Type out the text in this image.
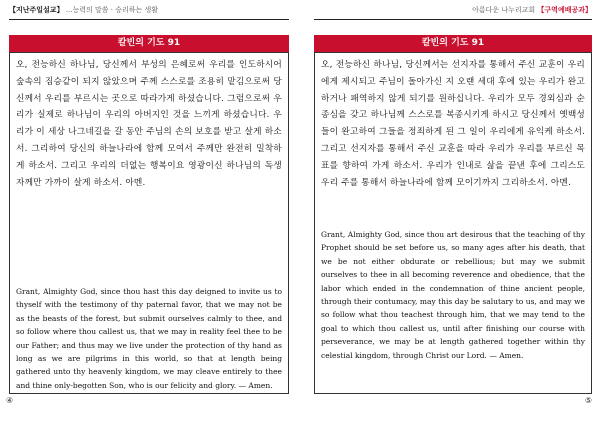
【지난주일설교】 ...능력의 말씀 · 승리하는 생활
칼빈의 기도 91

오, 전능하신 하나님, 당신께서 부성의 은혜로써 우리를 인도하시어 숲속의 짐승같이 되지 않았으며 주께 스스로를 조용히 맡김으로써 당신께서 우리를 부르시는 곳으로 따라가게 하셨습니다. 그럼으로써 우리가 실제로 하나님이 우리의 아버지인 것을 느끼게 하셨습니다. 우리가 이 세상 나그네길을 갈 동안 주님의 손의 보호를 받고 살게 하소서. 그리하여 당신의 하늘나라에 함께 모여서 주께만 완전히 밀착하게 하소서. 그리고 우리의 더없는 행복이요 영광이신 하나님의 독생자께만 가까이 살게 하소서. 아멘.

Grant, Almighty God, since thou hast this day deigned to invite us to thyself with the testimony of thy paternal favor, that we may not be as the beasts of the forest, but submit ourselves calmly to thee, and so follow where thou callest us, that we may in reality feel thee to be our Father; and thus may we live under the protection of thy hand as long as we are pilgrims in this world, so that at length being gathered unto thy heavenly kingdom, we may cleave entirely to thee and thine only-begotten Son, who is our felicity and glory. — Amen.

④
아름다운 나누리교회 【구역예배공과】
칼빈의 기도 91

오, 전능하신 하나님, 당신께서는 선지자를 통해서 주신 교훈이 우리에게 제시되고 주님이 돌아가신 지 오랜 세대 후에 있는 우리가 완고하거나 패역하지 않게 되기를 원하십니다. 우리가 모두 경외심과 순종심을 갖고 하나님께 스스로를 복종시키게 하시고 당신께서 옛백성들이 완고하여 그들을 정죄하게 된 그 일이 우리에게 유익케 하소서. 그리고 선지자를 통해서 주신 교훈을 따라 우리가 우리를 부르신 목표를 향하여 가게 하소서. 우리가 인내로 삶을 끝낸 후에 그리스도 우리 주를 통해서 하늘나라에 함께 모이기까지 그리하소서. 아멘.

Grant, Almighty God, since thou art desirous that the teaching of thy Prophet should be set before us, so many ages after his death, that we be not either obdurate or rebellious; but may we submit ourselves to thee in all becoming reverence and obedience, that the labor which ended in the condemnation of thine ancient people, through their contumacy, may this day be salutary to us, and may we so follow what thou teachest through him, that we may tend to the goal to which thou callest us, until after finishing our course with perseverance, we may be at length gathered together within thy celestial kingdom, through Christ our Lord. — Amen.

⑤
